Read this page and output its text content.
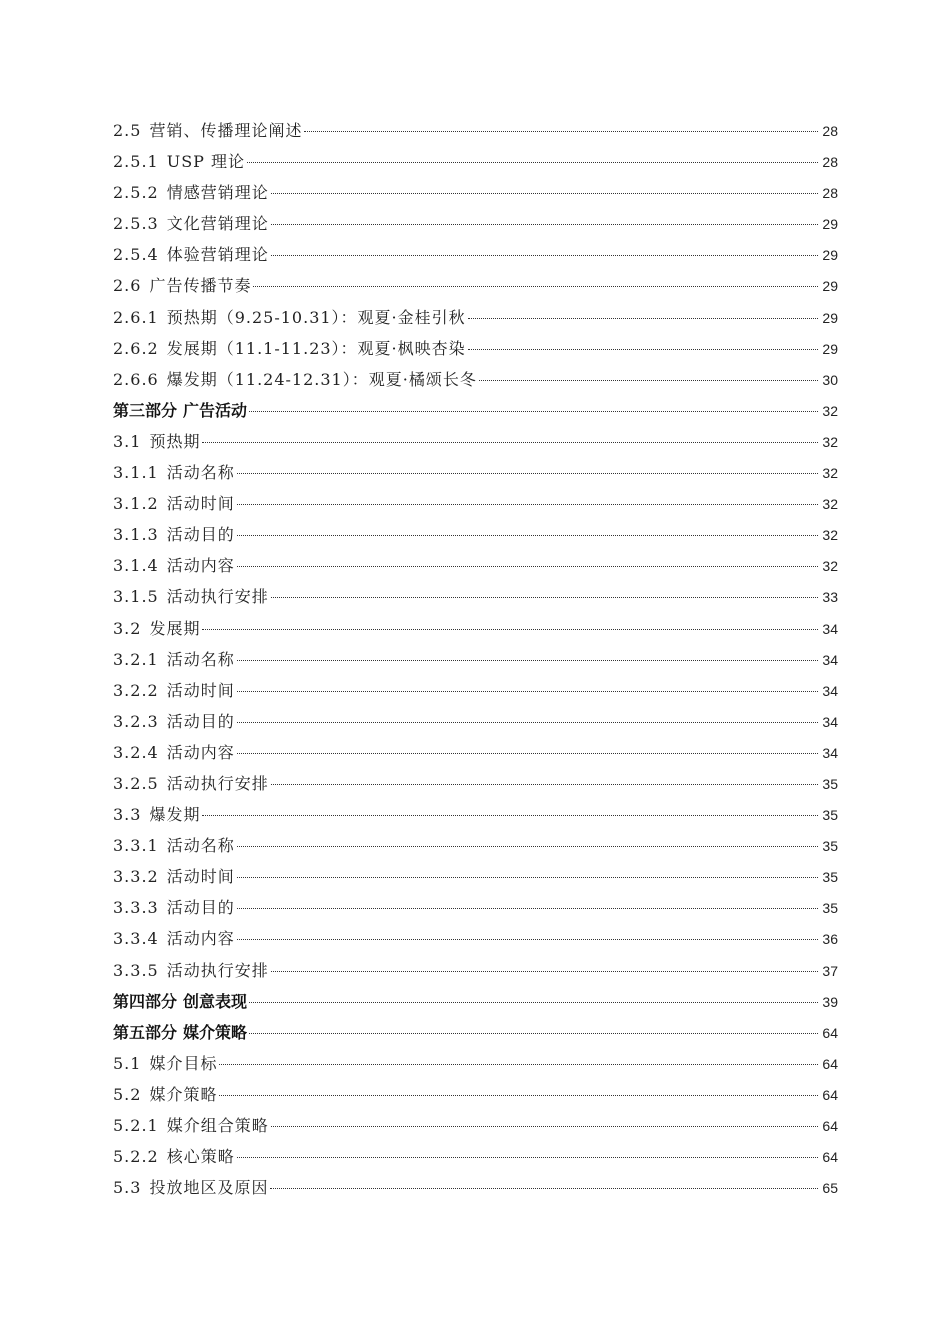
2.5 营销、传播理论阐述	28
2.5.1 USP 理论	28
2.5.2 情感营销理论	28
2.5.3 文化营销理论	29
2.5.4 体验营销理论	29
2.6 广告传播节奏	29
2.6.1 预热期（9.25-10.31）：观夏·金桂引秋	29
2.6.2 发展期（11.1-11.23）：观夏·枫映杏染	29
2.6.6 爆发期（11.24-12.31）：观夏·橘颂长冬	30
第三部分 广告活动	32
3.1 预热期	32
3.1.1 活动名称	32
3.1.2 活动时间	32
3.1.3 活动目的	32
3.1.4 活动内容	32
3.1.5 活动执行安排	33
3.2 发展期	34
3.2.1 活动名称	34
3.2.2 活动时间	34
3.2.3 活动目的	34
3.2.4 活动内容	34
3.2.5 活动执行安排	35
3.3 爆发期	35
3.3.1 活动名称	35
3.3.2 活动时间	35
3.3.3 活动目的	35
3.3.4 活动内容	36
3.3.5 活动执行安排	37
第四部分 创意表现	39
第五部分 媒介策略	64
5.1 媒介目标	64
5.2 媒介策略	64
5.2.1 媒介组合策略	64
5.2.2 核心策略	64
5.3 投放地区及原因	65
